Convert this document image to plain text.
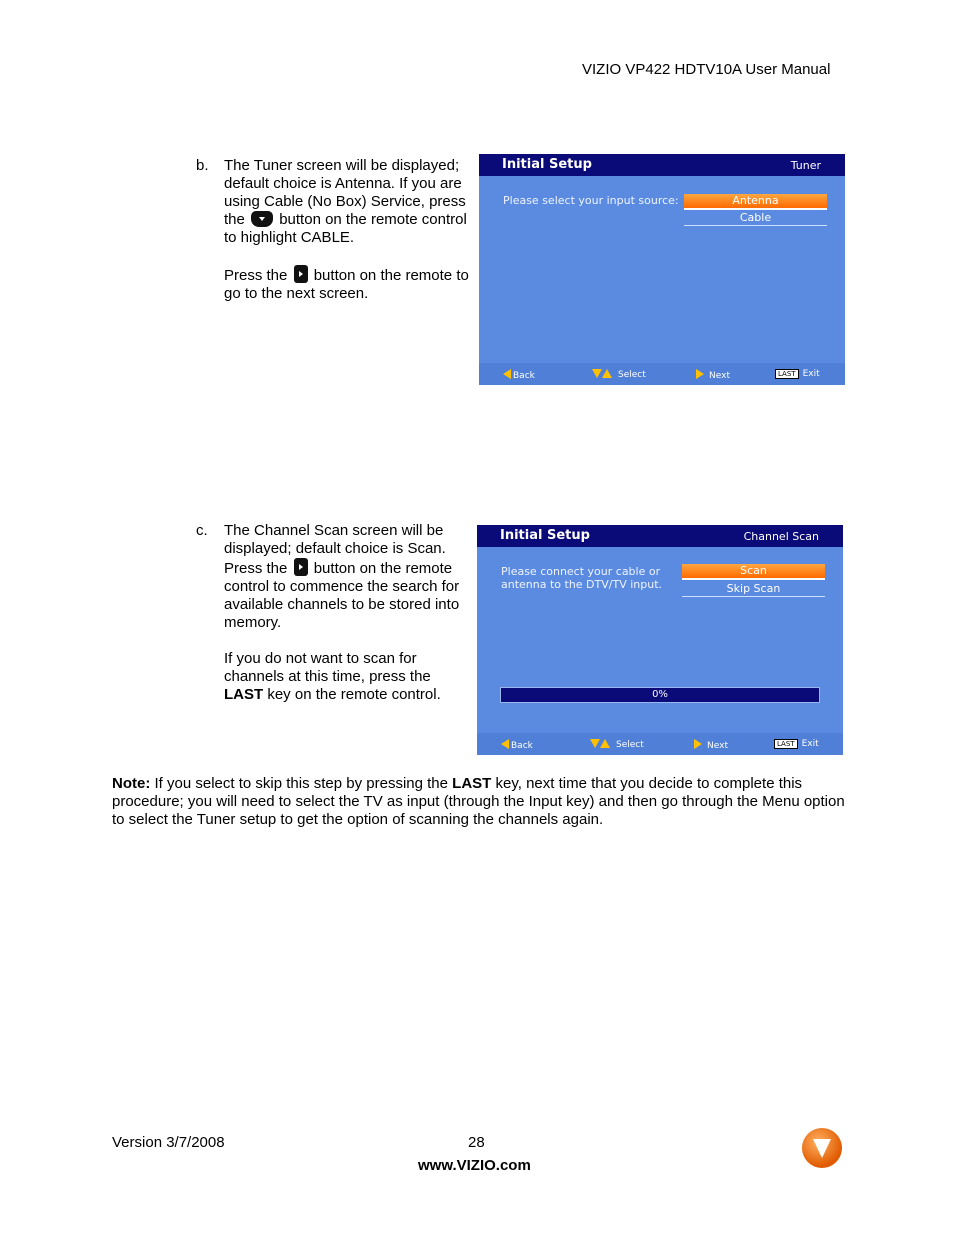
VIZIO VP422 HDTV10A User Manual
b. The Tuner screen will be displayed; default choice is Antenna. If you are using Cable (No Box) Service, press the button on the remote control to highlight CABLE.

Press the button on the remote to go to the next screen.

Initial Setup	Tuner
Please select your input source:	Antenna
Cable
Back	Select	Next	LAST Exit
c. The Channel Scan screen will be displayed; default choice is Scan. Press the button on the remote control to commence the search for available channels to be stored into memory.

If you do not want to scan for channels at this time, press the LAST key on the remote control.

Initial Setup	Channel Scan
Please connect your cable or
antenna to the DTV/TV input.
Scan
Skip Scan
0%
Back	Select	Next	LAST Exit
Note: If you select to skip this step by pressing the LAST key, next time that you decide to complete this procedure; you will need to select the TV as input (through the Input key) and then go through the Menu option to select the Tuner setup to get the option of scanning the channels again.
Version 3/7/2008	28
www.VIZIO.com
